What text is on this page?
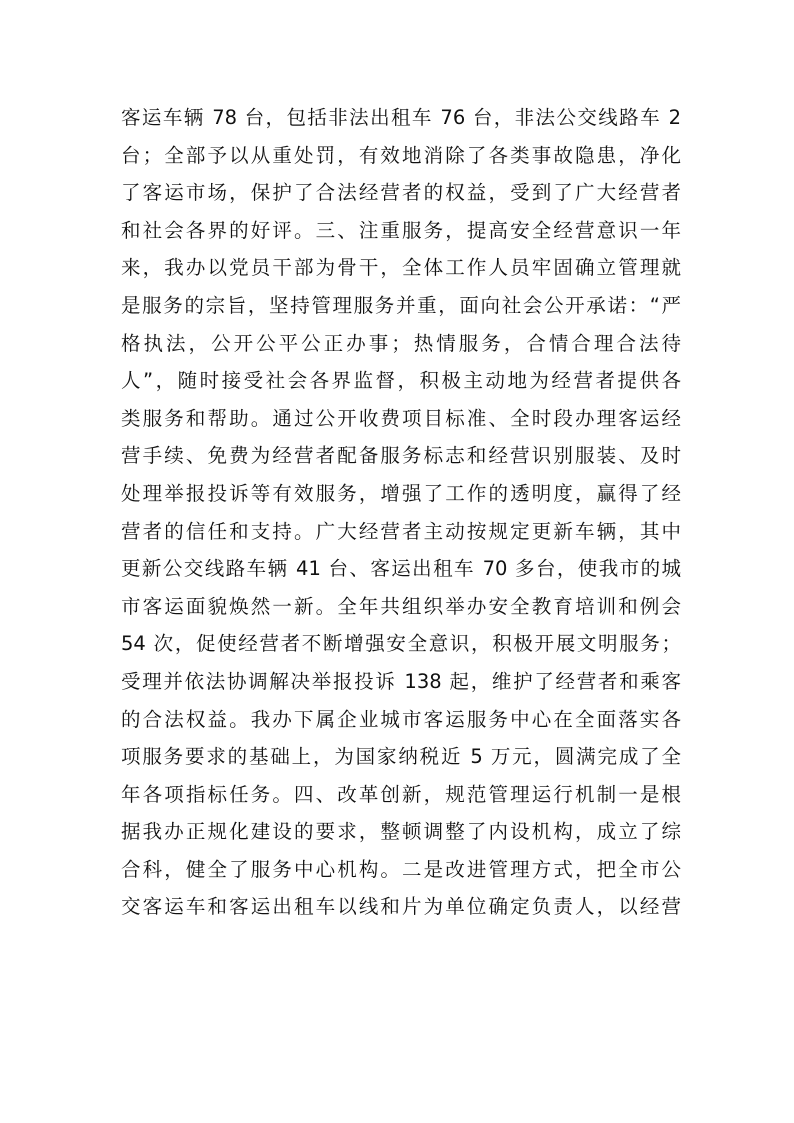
客运车辆 78 台，包括非法出租车 76 台，非法公交线路车 2
台；全部予以从重处罚，有效地消除了各类事故隐患，净化
了客运市场，保护了合法经营者的权益，受到了广大经营者
和社会各界的好评。三、注重服务，提高安全经营意识一年
来，我办以党员干部为骨干，全体工作人员牢固确立管理就
是服务的宗旨，坚持管理服务并重，面向社会公开承诺：“严
格执法，公开公平公正办事；热情服务，合情合理合法待
人”，随时接受社会各界监督，积极主动地为经营者提供各
类服务和帮助。通过公开收费项目标准、全时段办理客运经
营手续、免费为经营者配备服务标志和经营识别服装、及时
处理举报投诉等有效服务，增强了工作的透明度，赢得了经
营者的信任和支持。广大经营者主动按规定更新车辆，其中
更新公交线路车辆 41 台、客运出租车 70 多台，使我市的城
市客运面貌焕然一新。全年共组织举办安全教育培训和例会
54 次，促使经营者不断增强安全意识，积极开展文明服务；
受理并依法协调解决举报投诉 138 起，维护了经营者和乘客
的合法权益。我办下属企业城市客运服务中心在全面落实各
项服务要求的基础上，为国家纳税近 5 万元，圆满完成了全
年各项指标任务。四、改革创新，规范管理运行机制一是根
据我办正规化建设的要求，整顿调整了内设机构，成立了综
合科，健全了服务中心机构。二是改进管理方式，把全市公
交客运车和客运出租车以线和片为单位确定负责人，以经营
